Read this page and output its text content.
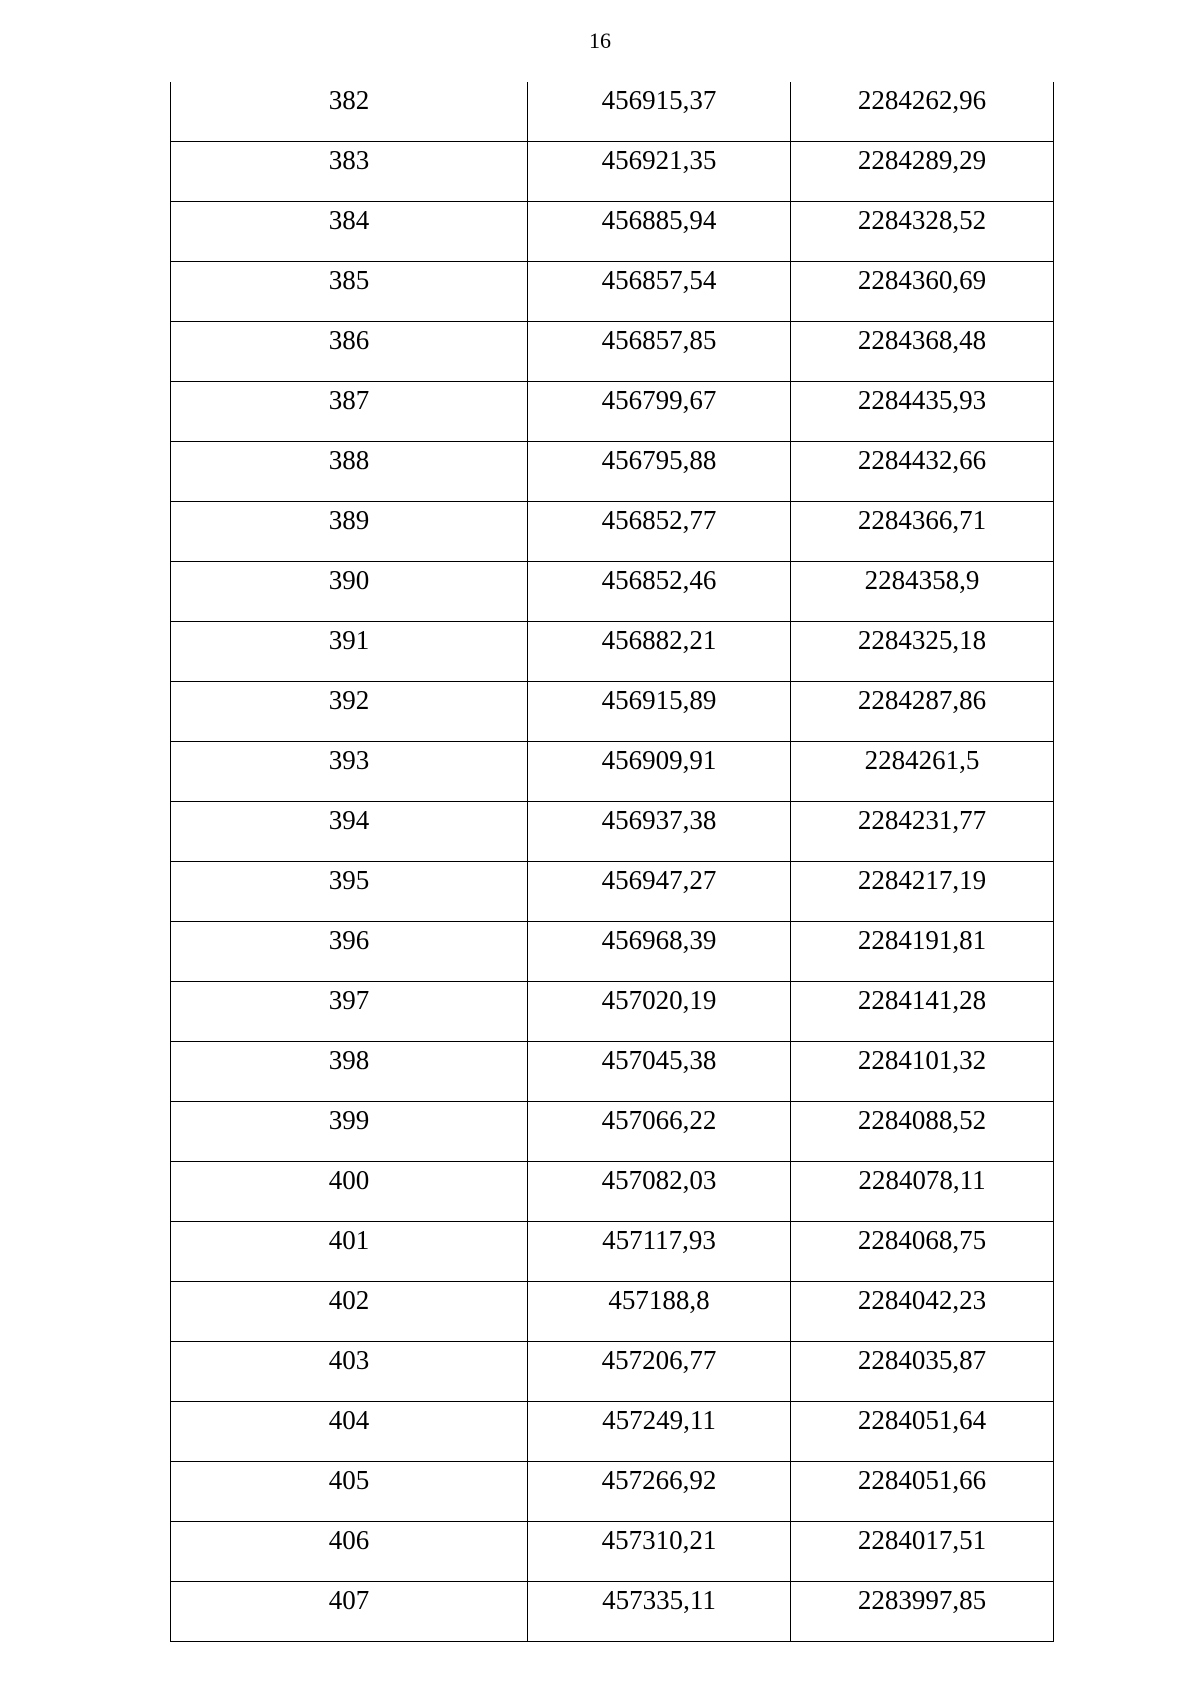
16
382	456915,37	2284262,96
383	456921,35	2284289,29
384	456885,94	2284328,52
385	456857,54	2284360,69
386	456857,85	2284368,48
387	456799,67	2284435,93
388	456795,88	2284432,66
389	456852,77	2284366,71
390	456852,46	2284358,9
391	456882,21	2284325,18
392	456915,89	2284287,86
393	456909,91	2284261,5
394	456937,38	2284231,77
395	456947,27	2284217,19
396	456968,39	2284191,81
397	457020,19	2284141,28
398	457045,38	2284101,32
399	457066,22	2284088,52
400	457082,03	2284078,11
401	457117,93	2284068,75
402	457188,8	2284042,23
403	457206,77	2284035,87
404	457249,11	2284051,64
405	457266,92	2284051,66
406	457310,21	2284017,51
407	457335,11	2283997,85
